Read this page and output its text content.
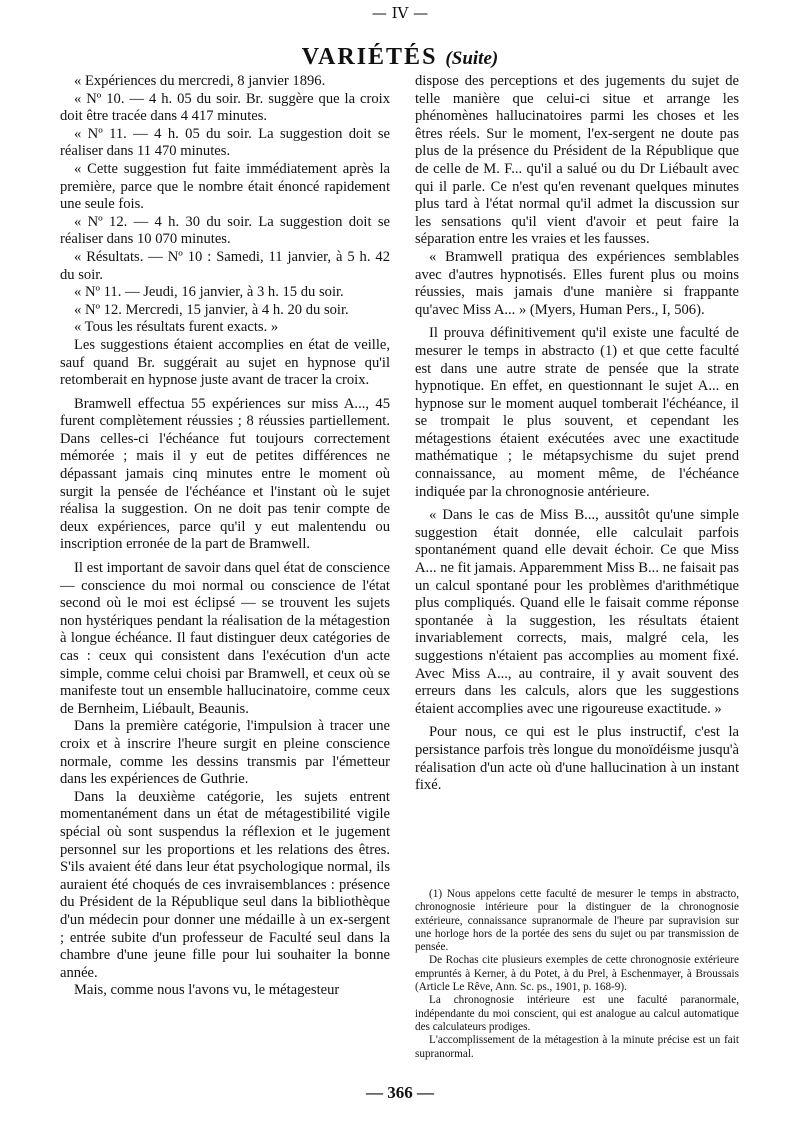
— IV —
VARIÉTÉS (Suite)

« Expériences du mercredi, 8 janvier 1896.

« Nº 10. — 4 h. 05 du soir. Br. suggère que la croix doit être tracée dans 4 417 minutes.

« Nº 11. — 4 h. 05 du soir. La suggestion doit se réaliser dans 11 470 minutes.

« Cette suggestion fut faite immédiatement après la première, parce que le nombre était énoncé rapidement une seule fois.

« Nº 12. — 4 h. 30 du soir. La suggestion doit se réaliser dans 10 070 minutes.

« Résultats. — Nº 10 : Samedi, 11 janvier, à 5 h. 42 du soir.

« Nº 11. — Jeudi, 16 janvier, à 3 h. 15 du soir.

« Nº 12. Mercredi, 15 janvier, à 4 h. 20 du soir.

« Tous les résultats furent exacts. »

Les suggestions étaient accomplies en état de veille, sauf quand Br. suggérait au sujet en hypnose qu'il retomberait en hypnose juste avant de tracer la croix.

Bramwell effectua 55 expériences sur miss A..., 45 furent complètement réussies ; 8 réussies partiellement. Dans celles-ci l'échéance fut toujours correctement mémorée ; mais il y eut de petites différences ne dépassant jamais cinq minutes entre le moment où surgit la pensée de l'échéance et l'instant où le sujet réalisa la suggestion. On ne doit pas tenir compte de deux expériences, parce qu'il y eut malentendu ou inscription erronée de la part de Bramwell.

Il est important de savoir dans quel état de conscience — conscience du moi normal ou conscience de l'état second où le moi est éclipsé — se trouvent les sujets non hystériques pendant la réalisation de la métagestion à longue échéance. Il faut distinguer deux catégories de cas : ceux qui consistent dans l'exécution d'un acte simple, comme celui choisi par Bramwell, et ceux où se manifeste tout un ensemble hallucinatoire, comme ceux de Bernheim, Liébault, Beaunis.

Dans la première catégorie, l'impulsion à tracer une croix et à inscrire l'heure surgit en pleine conscience normale, comme les dessins transmis par l'émetteur dans les expériences de Guthrie.

Dans la deuxième catégorie, les sujets entrent momentanément dans un état de métagestibilité vigile spécial où sont suspendus la réflexion et le jugement personnel sur les proportions et les relations des êtres. S'ils avaient été dans leur état psychologique normal, ils auraient été choqués de ces invraisemblances : présence du Président de la République seul dans la bibliothèque d'un médecin pour donner une médaille à un ex-sergent ; entrée subite d'un professeur de Faculté seul dans la chambre d'une jeune fille pour lui souhaiter la bonne année.

Mais, comme nous l'avons vu, le métagesteur

dispose des perceptions et des jugements du sujet de telle manière que celui-ci situe et arrange les phénomènes hallucinatoires parmi les choses et les êtres réels. Sur le moment, l'ex-sergent ne doute pas plus de la présence du Président de la République que de celle de M. F... qu'il a salué ou du Dr Liébault avec qui il parle. Ce n'est qu'en revenant quelques minutes plus tard à l'état normal qu'il admet la discussion sur les sensations qu'il vient d'avoir et peut faire la séparation entre les vraies et les fausses.

« Bramwell pratiqua des expériences semblables avec d'autres hypnotisés. Elles furent plus ou moins réussies, mais jamais d'une manière si frappante qu'avec Miss A... » (Myers, Human Pers., I, 506).

Il prouva définitivement qu'il existe une faculté de mesurer le temps in abstracto (1) et que cette faculté est dans une autre strate de pensée que la strate hypnotique. En effet, en questionnant le sujet A... en hypnose sur le moment auquel tomberait l'échéance, il se trompait le plus souvent, et cependant les métagestions étaient exécutées avec une exactitude mathématique ; le métapsychisme du sujet prend connaissance, au moment même, de l'échéance indiquée par la chronognosie antérieure.

« Dans le cas de Miss B..., aussitôt qu'une simple suggestion était donnée, elle calculait parfois spontanément quand elle devait échoir. Ce que Miss A... ne fit jamais. Apparemment Miss B... ne faisait pas un calcul spontané pour les problèmes d'arithmétique plus compliqués. Quand elle le faisait comme réponse spontanée à la suggestion, les résultats étaient invariablement corrects, mais, malgré cela, les suggestions n'étaient pas accomplies au moment fixé. Avec Miss A..., au contraire, il y avait souvent des erreurs dans les calculs, alors que les suggestions étaient accomplies avec une rigoureuse exactitude. »

Pour nous, ce qui est le plus instructif, c'est la persistance parfois très longue du monoïdéisme jusqu'à réalisation d'un acte où d'une hallucination à un instant fixé.

(1) Nous appelons cette faculté de mesurer le temps in abstracto, chronognosie intérieure pour la distinguer de la chronognosie extérieure, connaissance supranormale de l'heure par supravision sur une horloge hors de la portée des sens du sujet ou par transmission de pensée.

De Rochas cite plusieurs exemples de cette chronognosie extérieure empruntés à Kerner, à du Potet, à du Prel, à Eschenmayer, à Broussais (Article Le Rêve, Ann. Sc. ps., 1901, p. 168-9).

La chronognosie intérieure est une faculté paranormale, indépendante du moi conscient, qui est analogue au calcul automatique des calculateurs prodiges.

L'accomplissement de la métagestion à la minute précise est un fait supranormal.

— 366 —
